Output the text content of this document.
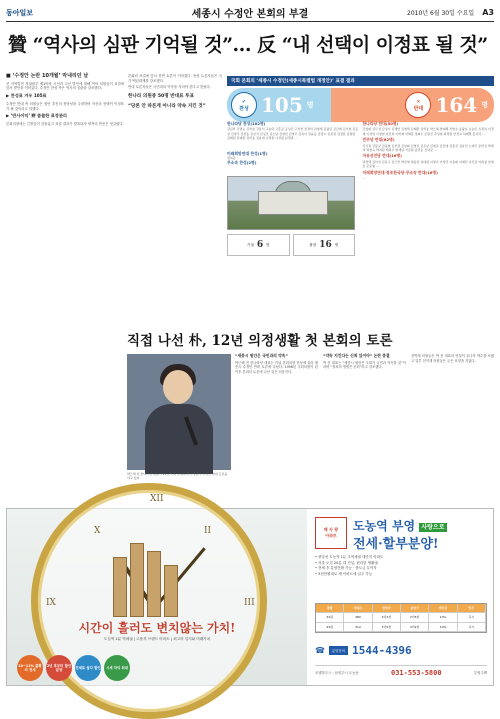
동아일보	세종시 수정안 본회의 부결	2010년 6월 30일 수요일 A3
贊 “역사의 심판 기억될 것”… 反 “내 선택이 이정표 될 것”
■ ‘수정안 논란 10개월’ 막내리던 날

신 지역발전 정권원부 제1야당 시선과 나선 발언에 대해 여야 의원들이 표결에 앞서 발언을 이어갔다. 수정안 찬성 측은 역사의 심판을 강조했다.

▶ 찬성표 겨우 105표

수정안 반대 측 의원들은 원안 추진의 정당성을 주장하며 자신의 선택이 이정표가 될 것이라고 말했다.

▶ ‘반사이익’ 野 씁쓸한 표정관리

본회의장에는 긴장감이 감돌았고 표결 결과가 발표되자 양측의 반응은 엇갈렸다.

본회의 표결에 앞서 찬반 토론이 이어졌다. 찬성 토론자들은 국가 백년대계를 강조했다.

반대 토론자들은 국민과의 약속을 지켜야 한다고 맞섰다.

한나라 의원중 50명 반대표 투표
“당론 안 따른게 아니라 약속 지킨 것”
국회 본회의 ‘세종시 수정안(세종시특별법 개정안)’ 표결 결과
✔
찬성 105 명	✕
반대 164 명
한나라당 찬성(102명)
강길부 강명순 강석호 강용석 고승덕 고흥길 공성진 구상찬 권경석 권영세 김광림 김금래 김기현 김동성 김명주 김선동 김성식 김성조 김소남 김영선 김영우 김옥이 김을동 김장수 김정권 김정훈 김충환 김태원 김태환 김학송 김효재 나경원 나성린 남경필 ...
한나라당 반대(50명)
강창희 김무성 김성수 김세연 김영택 김태환 김학송 박근혜 박대해 서병수 송광호 유승민 유정복 이경재 이성헌 이정현 이진복 이학재 이혜훈 정희수 조원진 주성영 최경환 한선교 허태열 홍사덕 ...
민주당 반대(82명)
강기정 강봉균 김동철 김부겸 김상희 김영진 김우남 김재균 김진애 김춘진 김효석 노영민 문학진 박병석 박선숙 박지원 백원우 변재일 서갑원 송민순 신낙균 ...
자유선진당 반대(16명)
권선택 김낙성 김용구 류근찬 박선영 변웅전 심대평 이명수 이상민 이용희 이재선 이진삼 이회창 임영호 조순형 ...
미래희망연대·창조한국당·무소속 반대(16명)
...
미래희망연대 찬성(1명)
정하균
무소속 찬성(2명)
기권 6 명	불참 16 명
직접 나선 朴, 12년 의정생활 첫 본회의 토론
박근혜 전 한나라당 대표가 29일 국회 본회의에서 세종시 수정안 반대 토론을 하고 있다.
“세종시 원안은 국민과의 약속”
박근혜 전 한나라당 대표는 이날 본회의장 단상에 올라 세종시 수정안 반대 토론에 나섰다. 1998년 국회의원이 된 이후 본회의 토론에 나선 것은 처음이다.
“약속 지킨다는 신뢰 있어야” 논란 종결
박 전 대표는 “세종시 원안은 국회가 국민과 약속한 것”이라며 “정치의 생명은 신뢰”라고 강조했다.
친박계 의원들은 박 전 대표의 연설이 끝나자 박수를 보냈고 일부 친이계 의원들은 굳은 표정을 지었다.
XII
III
IX
II
X
시간이 흘러도 변치않는 가치!
도심역 1분 역세권 | 고품격 브랜드 아파트 | 최고의 입지와 미래가치
10~12% 불황의 전세
2년 후부터 할인분양	전세로 살다 할인	시세 차익 최대
해 사 랑
아파트
도농역 부영 사랑으로
전세·할부분양!
• 중앙선 도농역 1분 초역세권 대단지 아파트
• 서울 도심 20분 대 진입, 편리한 생활권
• 전세 후 분양전환 가능 · 중도금 무이자
• 5천만원대로 새 아파트에 입주 가능
평형	세대수	전세가	분양가	계약금	입주
33평	480	1억2천	2억5천	10%	즉시
43평	312	1억5천	3억2천	10%	즉시
☎	분양문의 1544-4396
모델하우스 : 남양주시 도농동	031-553-5800	부영주택
